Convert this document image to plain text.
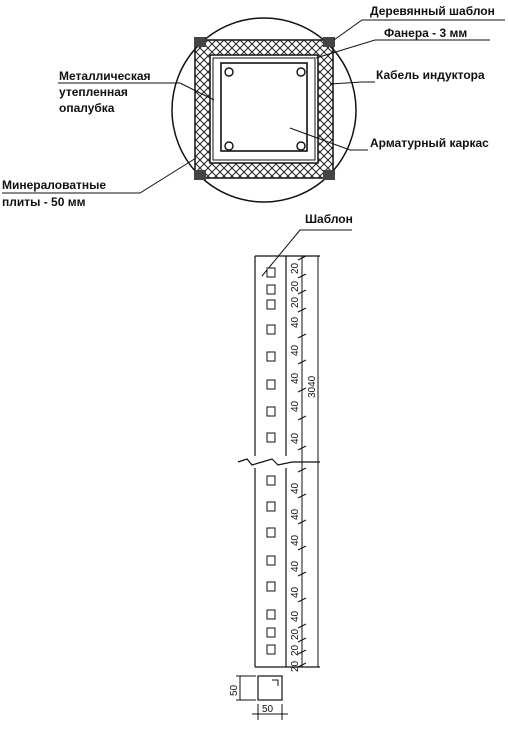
Деревянный шаблон
Фанера - 3 мм
Кабель индуктора
Металлическая
утепленная
опалубка
Арматурный каркас
Минераловатные
плиты - 50 мм
Шаблон
20
20
20
40
40
40
40
40
40
40
40
40
40
40
20
20
20
3040
50
50
